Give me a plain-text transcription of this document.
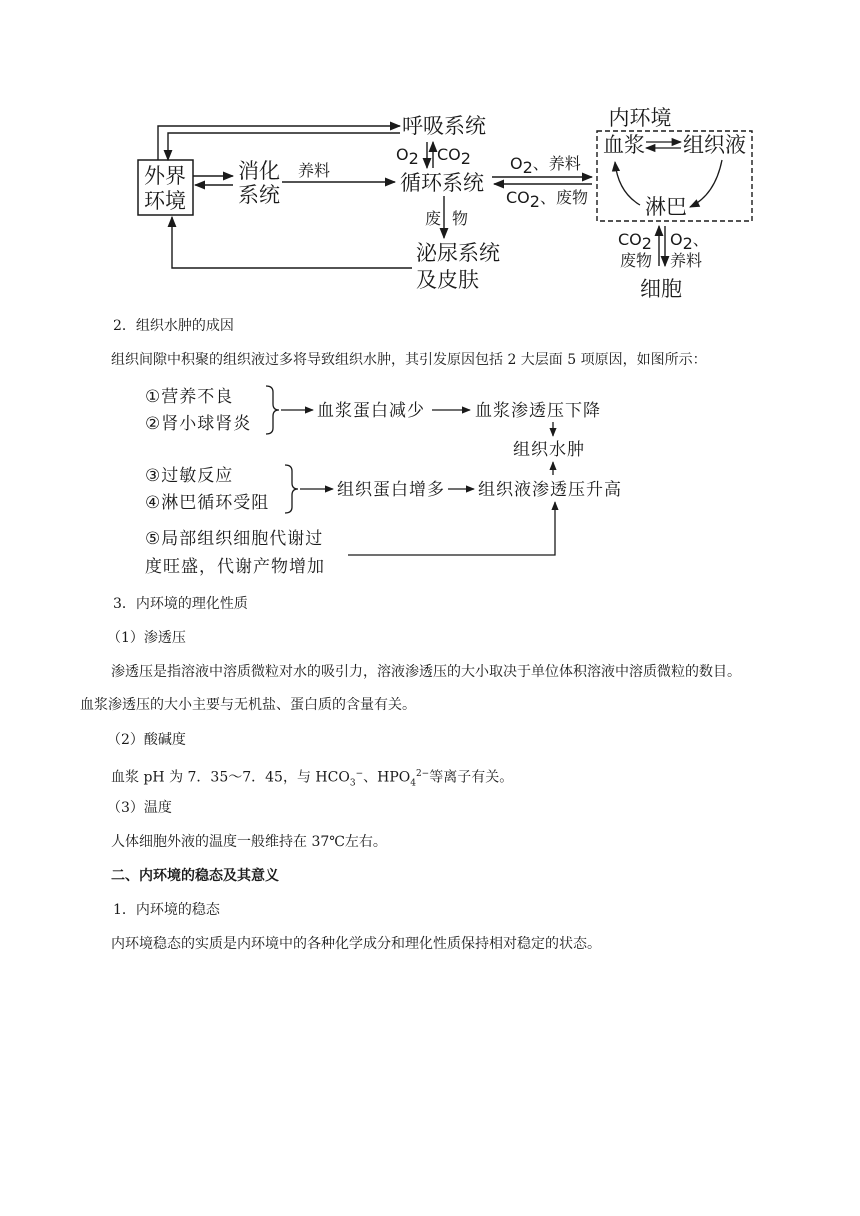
外界
环境
呼吸系统
消化
系统
养料
O2 CO2
循环系统
废 物
泌尿系统
及皮肤
O2、养料
CO2、废物
内环境
血浆 组织液
淋巴
CO2
废物
O2、
养料
细胞
2．组织水肿的成因
组织间隙中积聚的组织液过多将导致组织水肿，其引发原因包括 2 大层面 5 项原因，如图所示：
①营养不良
②肾小球肾炎
血浆蛋白减少	血浆渗透压下降
组织水肿
③过敏反应
④淋巴循环受阻
组织蛋白增多 组织液渗透压升高
⑤局部组织细胞代谢过
度旺盛，代谢产物增加
3．内环境的理化性质
（1）渗透压
渗透压是指溶液中溶质微粒对水的吸引力，溶液渗透压的大小取决于单位体积溶液中溶质微粒的数目。
血浆渗透压的大小主要与无机盐、蛋白质的含量有关。
（2）酸碱度
血浆 pH 为 7．35～7．45，与 $HCO_3^-$、$HPO_4^{2-}$等离子有关。
（3）温度
人体细胞外液的温度一般维持在 37℃左右。
二、内环境的稳态及其意义
1．内环境的稳态
内环境稳态的实质是内环境中的各种化学成分和理化性质保持相对稳定的状态。
